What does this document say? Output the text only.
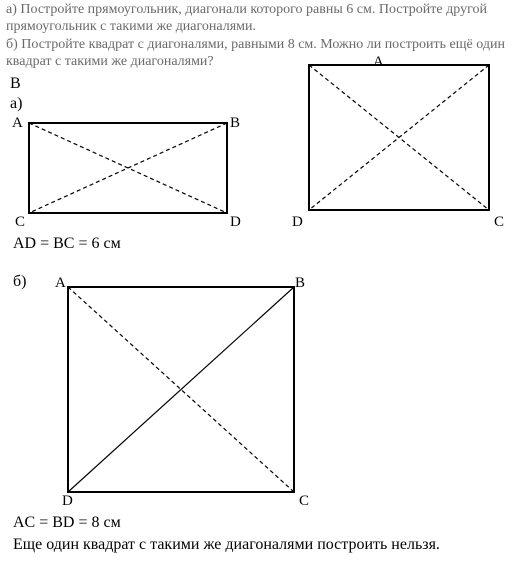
а) Постройте прямоугольник, диагонали которого равны 6 см. Постройте другой
прямоугольник с такими же диагоналями.
б) Постройте квадрат с диагоналями, равными 8 см. Можно ли построить ещё один
квадрат с такими же диагоналями?
В
а)
A	B
C	D
A
D	C
AD = BC = 6 см
б) A	B
D	C
AC = BD = 8 см
Еще один квадрат с такими же диагоналями построить нельзя.
